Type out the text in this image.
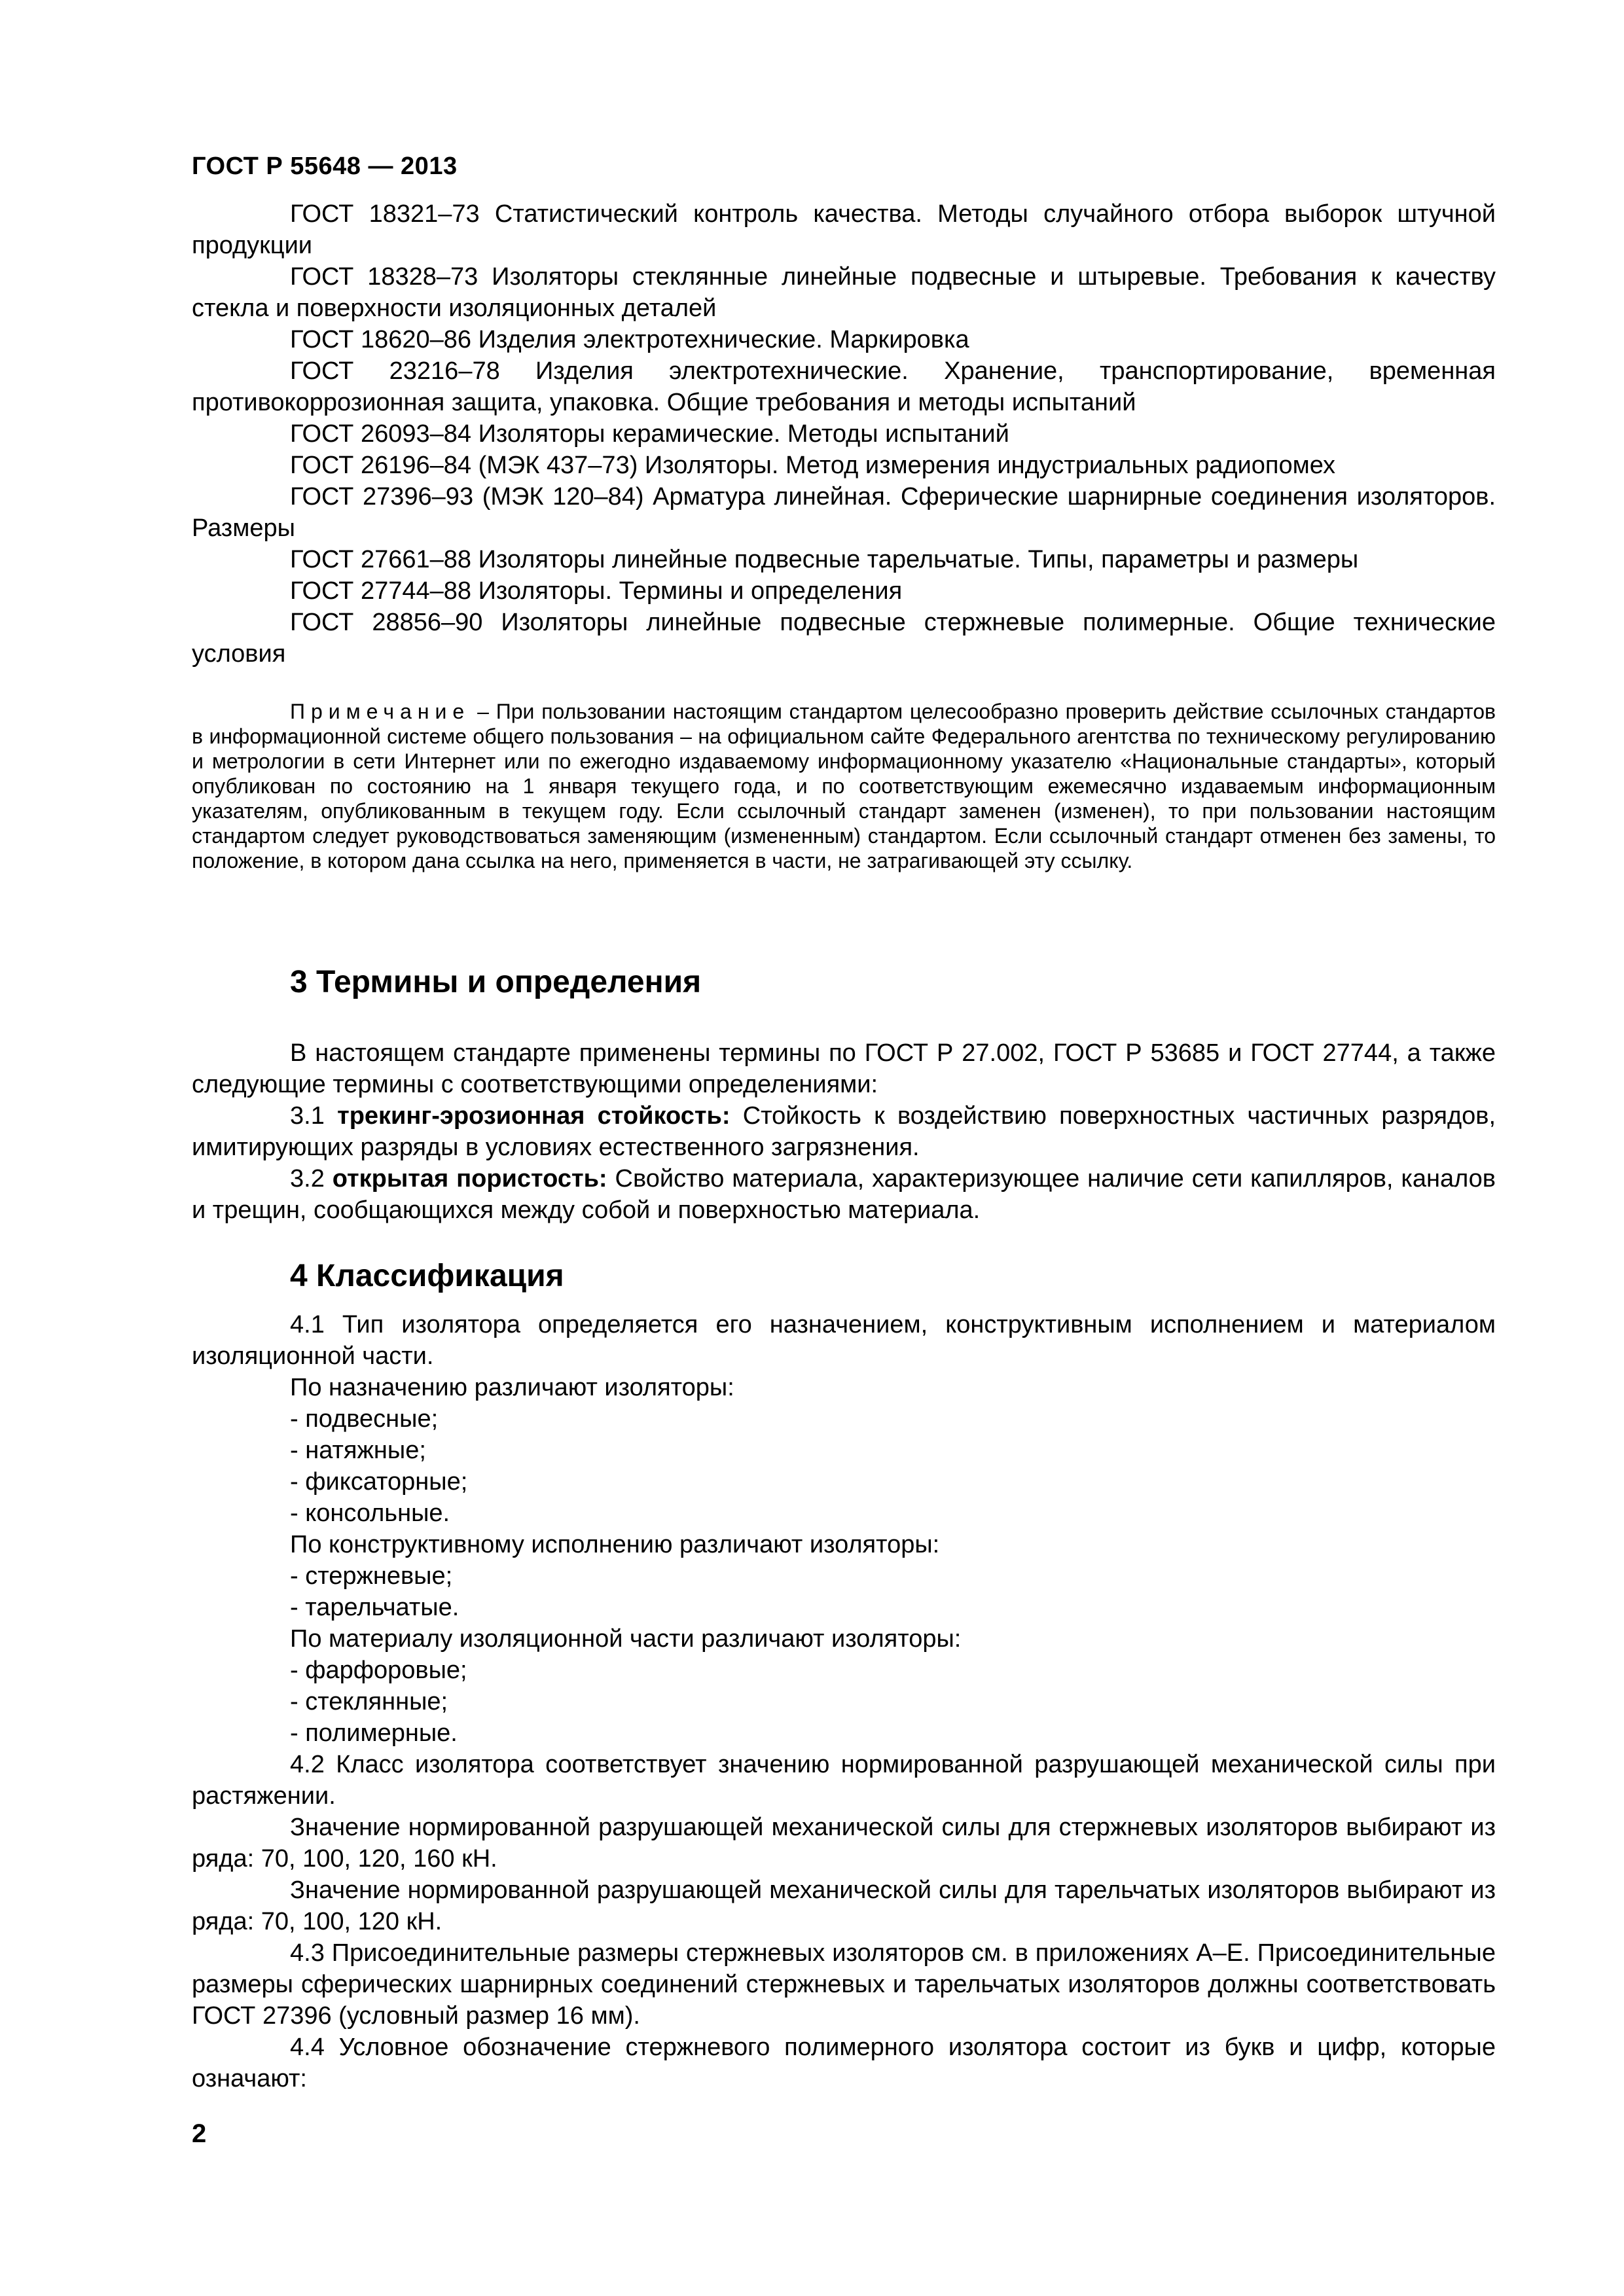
ГОСТ Р 55648 — 2013

ГОСТ 18321–73 Статистический контроль качества. Методы случайного отбора выборок штучной продукции

ГОСТ 18328–73 Изоляторы стеклянные линейные подвесные и штыревые. Требования к качеству стекла и поверхности изоляционных деталей

ГОСТ 18620–86 Изделия электротехнические. Маркировка

ГОСТ 23216–78 Изделия электротехнические. Хранение, транспортирование, временная противокоррозионная защита, упаковка. Общие требования и методы испытаний

ГОСТ 26093–84 Изоляторы керамические. Методы испытаний

ГОСТ 26196–84 (МЭК 437–73) Изоляторы. Метод измерения индустриальных радиопомех

ГОСТ 27396–93 (МЭК 120–84) Арматура линейная. Сферические шарнирные соединения изоляторов. Размеры

ГОСТ 27661–88 Изоляторы линейные подвесные тарельчатые. Типы, параметры и размеры

ГОСТ 27744–88 Изоляторы. Термины и определения

ГОСТ 28856–90 Изоляторы линейные подвесные стержневые полимерные. Общие технические условия

Примечание – При пользовании настоящим стандартом целесообразно проверить действие ссылочных стандартов в информационной системе общего пользования – на официальном сайте Федерального агентства по техническому регулированию и метрологии в сети Интернет или по ежегодно издаваемому информационному указателю «Национальные стандарты», который опубликован по состоянию на 1 января текущего года, и по соответствующим ежемесячно издаваемым информационным указателям, опубликованным в текущем году. Если ссылочный стандарт заменен (изменен), то при пользовании настоящим стандартом следует руководствоваться заменяющим (измененным) стандартом. Если ссылочный стандарт отменен без замены, то положение, в котором дана ссылка на него, применяется в части, не затрагивающей эту ссылку.

3 Термины и определения

В настоящем стандарте применены термины по ГОСТ Р 27.002, ГОСТ Р 53685 и ГОСТ 27744, а также следующие термины с соответствующими определениями:

3.1 трекинг-эрозионная стойкость: Стойкость к воздействию поверхностных частичных разрядов, имитирующих разряды в условиях естественного загрязнения.

3.2 открытая пористость: Свойство материала, характеризующее наличие сети капилляров, каналов и трещин, сообщающихся между собой и поверхностью материала.

4 Классификация

4.1 Тип изолятора определяется его назначением, конструктивным исполнением и материалом изоляционной части.

По назначению различают изоляторы:

- подвесные;

- натяжные;

- фиксаторные;

- консольные.

По конструктивному исполнению различают изоляторы:

- стержневые;

- тарельчатые.

По материалу изоляционной части различают изоляторы:

- фарфоровые;

- стеклянные;

- полимерные.

4.2 Класс изолятора соответствует значению нормированной разрушающей механической силы при растяжении.

Значение нормированной разрушающей механической силы для стержневых изоляторов выбирают из ряда: 70, 100, 120, 160 кН.

Значение нормированной разрушающей механической силы для тарельчатых изоляторов выбирают из ряда: 70, 100, 120 кН.

4.3 Присоединительные размеры стержневых изоляторов см. в приложениях А–Е. Присоединительные размеры сферических шарнирных соединений стержневых и тарельчатых изоляторов должны соответствовать ГОСТ 27396 (условный размер 16 мм).

4.4 Условное обозначение стержневого полимерного изолятора состоит из букв и цифр, которые означают:

2
